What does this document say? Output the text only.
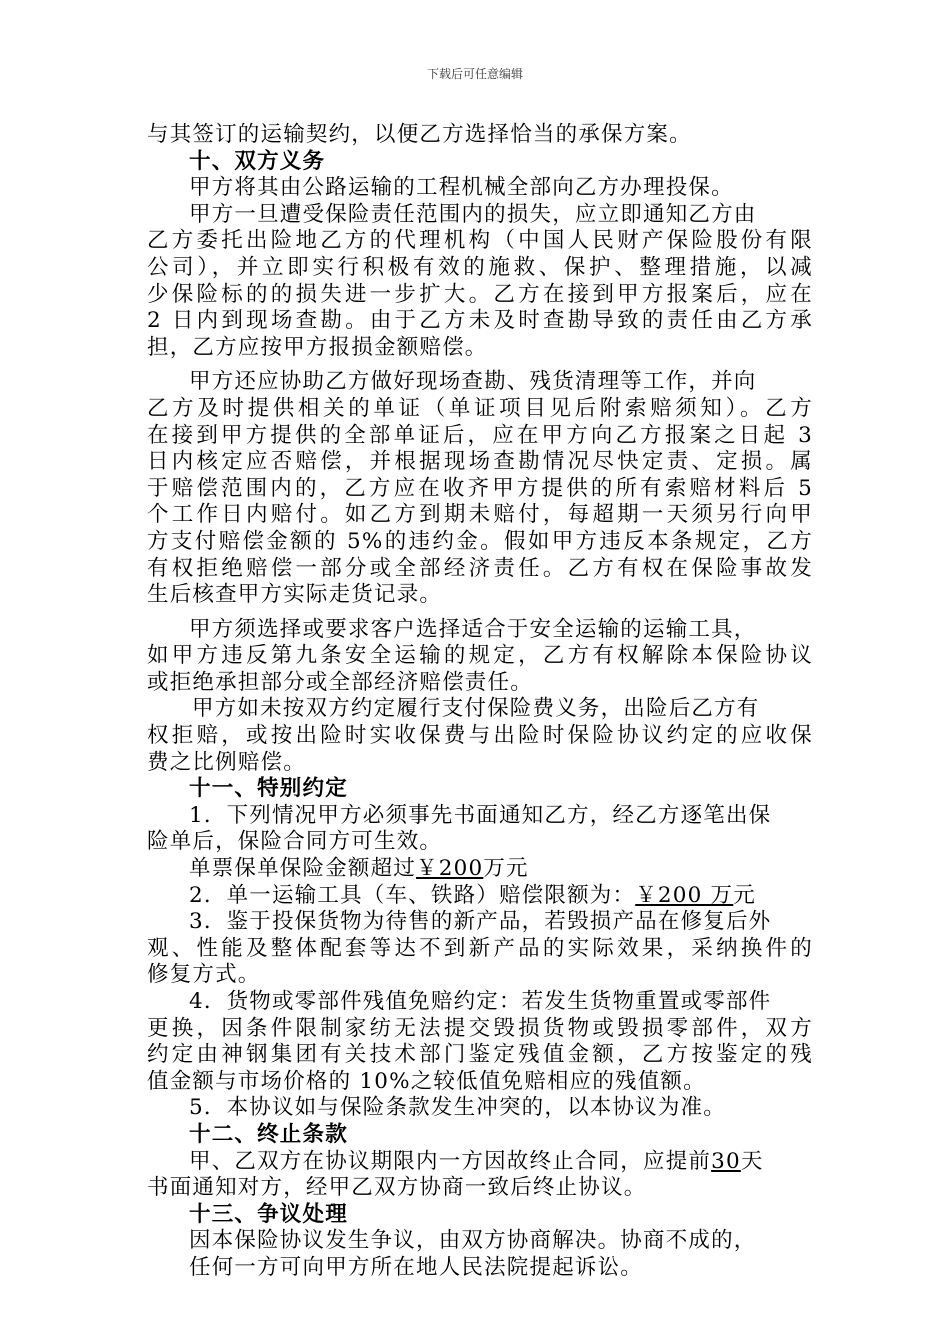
下载后可任意编辑
与其签订的运输契约，以便乙方选择恰当的承保方案。
十、双方义务
甲方将其由公路运输的工程机械全部向乙方办理投保。
甲方一旦遭受保险责任范围内的损失，应立即通知乙方由
乙方委托出险地乙方的代理机构（中国人民财产保险股份有限
公司），并立即实行积极有效的施救、保护、整理措施，以减
少保险标的的损失进一步扩大。乙方在接到甲方报案后，应在
2 日内到现场查勘。由于乙方未及时查勘导致的责任由乙方承
担，乙方应按甲方报损金额赔偿。
甲方还应协助乙方做好现场查勘、残货清理等工作，并向
乙方及时提供相关的单证（单证项目见后附索赔须知）。乙方
在接到甲方提供的全部单证后，应在甲方向乙方报案之日起 3
日内核定应否赔偿，并根据现场查勘情况尽快定责、定损。属
于赔偿范围内的，乙方应在收齐甲方提供的所有索赔材料后 5
个工作日内赔付。如乙方到期未赔付，每超期一天须另行向甲
方支付赔偿金额的 5%的违约金。假如甲方违反本条规定，乙方
有权拒绝赔偿一部分或全部经济责任。乙方有权在保险事故发
生后核查甲方实际走货记录。
甲方须选择或要求客户选择适合于安全运输的运输工具，
如甲方违反第九条安全运输的规定，乙方有权解除本保险协议
或拒绝承担部分或全部经济赔偿责任。
甲方如未按双方约定履行支付保险费义务，出险后乙方有
权拒赔，或按出险时实收保费与出险时保险协议约定的应收保
费之比例赔偿。
十一、特别约定
1．下列情况甲方必须事先书面通知乙方，经乙方逐笔出保
险单后，保险合同方可生效。
单票保单保险金额超过￥200万元
2．单一运输工具（车、铁路）赔偿限额为：￥200 万元
3．鉴于投保货物为待售的新产品，若毁损产品在修复后外
观、性能及整体配套等达不到新产品的实际效果，采纳换件的
修复方式。
4．货物或零部件残值免赔约定：若发生货物重置或零部件
更换，因条件限制家纺无法提交毁损货物或毁损零部件，双方
约定由神钢集团有关技术部门鉴定残值金额，乙方按鉴定的残
值金额与市场价格的 10%之较低值免赔相应的残值额。
5．本协议如与保险条款发生冲突的，以本协议为准。
十二、终止条款
甲、乙双方在协议期限内一方因故终止合同，应提前30天
书面通知对方，经甲乙双方协商一致后终止协议。
十三、争议处理
因本保险协议发生争议，由双方协商解决。协商不成的，
任何一方可向甲方所在地人民法院提起诉讼。
